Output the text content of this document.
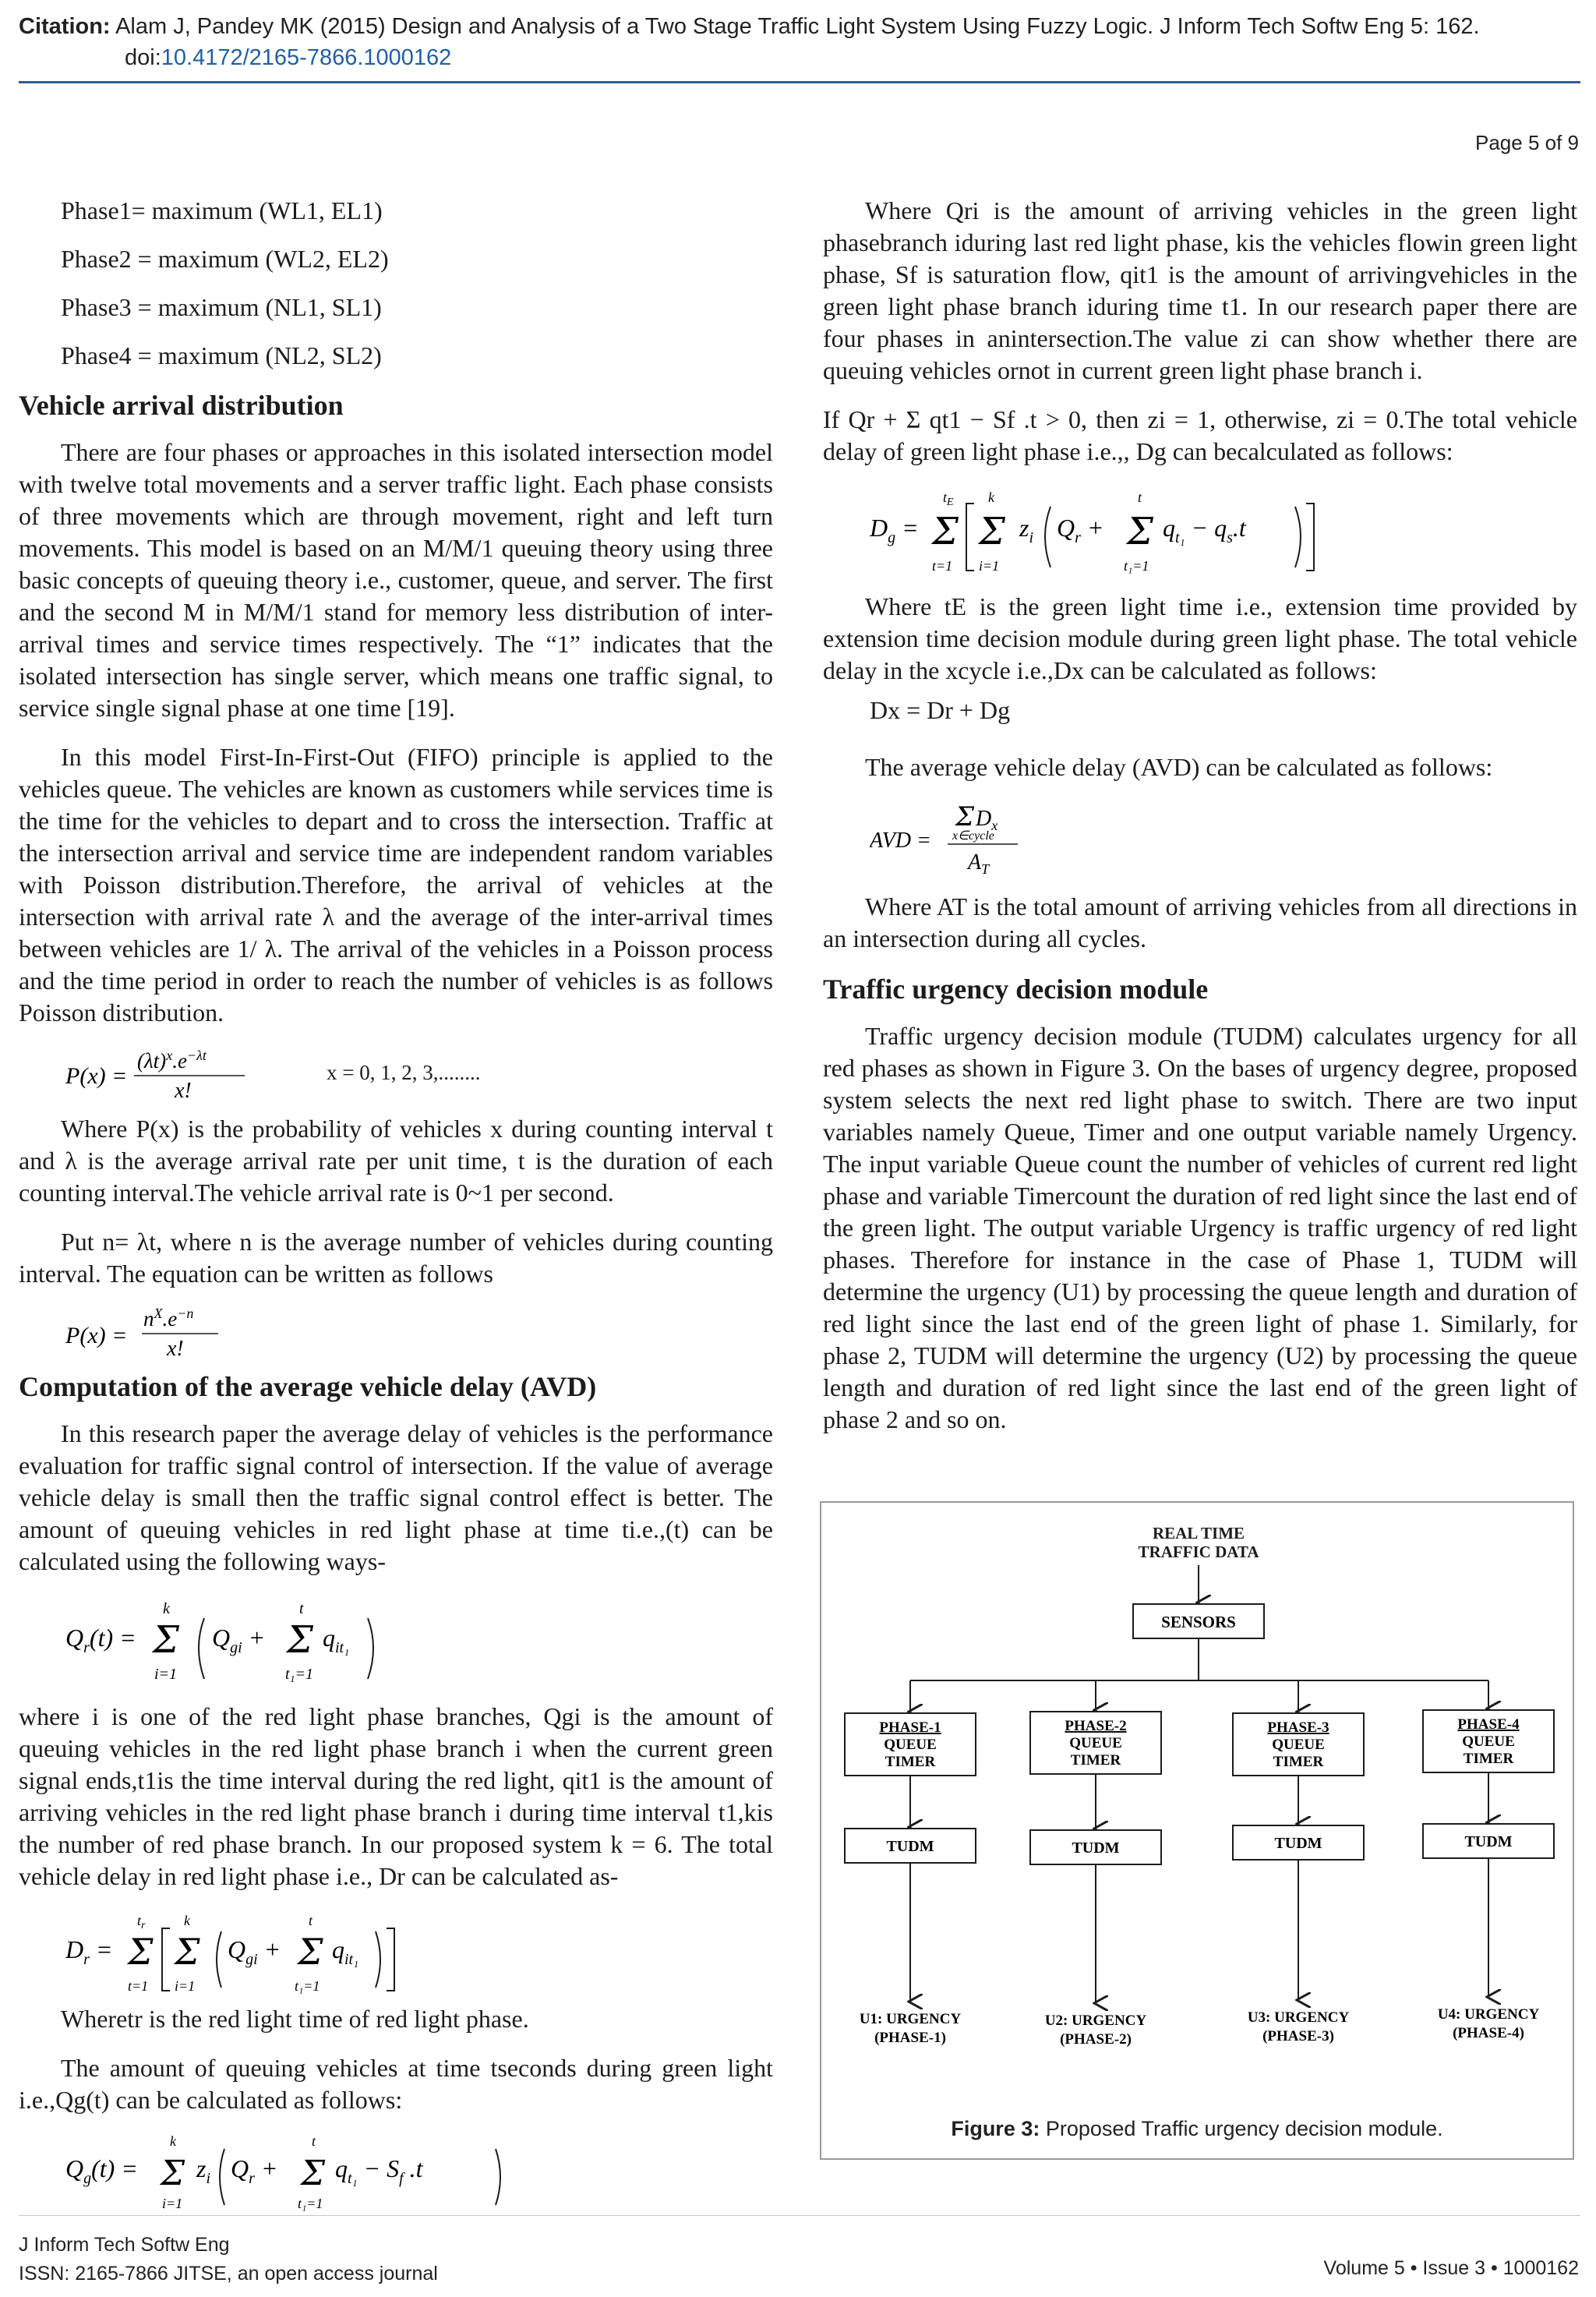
Citation: Alam J, Pandey MK (2015) Design and Analysis of a Two Stage Traffic Light System Using Fuzzy Logic. J Inform Tech Softw Eng 5: 162.
doi:10.4172/2165-7866.1000162
Page 5 of 9
Phase1= maximum (WL1, EL1)
Phase2 = maximum (WL2, EL2)
Phase3 = maximum (NL1, SL1)
Phase4 = maximum (NL2, SL2)
Vehicle arrival distribution

There are four phases or approaches in this isolated intersection model with twelve total movements and a server traffic light. Each phase consists of three movements which are through movement, right and left turn movements. This model is based on an M/M/1 queuing theory using three basic concepts of queuing theory i.e., customer, queue, and server. The first and the second M in M/M/1 stand for memory less distribution of inter-arrival times and service times respectively. The “1” indicates that the isolated intersection has single server, which means one traffic signal, to service single signal phase at one time [19].

In this model First-In-First-Out (FIFO) principle is applied to the vehicles queue. The vehicles are known as customers while services time is the time for the vehicles to depart and to cross the intersection. Traffic at the intersection arrival and service time are independent random variables with Poisson distribution.Therefore, the arrival of vehicles at the intersection with arrival rate λ and the average of the inter-arrival times between vehicles are 1/ λ. The arrival of the vehicles in a Poisson process and the time period in order to reach the number of vehicles is as follows Poisson distribution.

P(x) =
$(\lambda t)^x.e^{-\lambda t}$
x!
x = 0, 1, 2, 3,........

Where P(x) is the probability of vehicles x during counting interval t and λ is the average arrival rate per unit time, t is the duration of each counting interval.The vehicle arrival rate is 0~1 per second.

Put n= λt, where n is the average number of vehicles during counting interval. The equation can be written as follows

P(x) =
$n^X.e^{-n}$
x!
Computation of the average vehicle delay (AVD)

In this research paper the average delay of vehicles is the performance evaluation for traffic signal control of intersection. If the value of average vehicle delay is small then the traffic signal control effect is better. The amount of queuing vehicles in red light phase at time ti.e.,(t) can be calculated using the following ways-

$Q_r(t)$ =
k
Σ
i=1
$Q_{gi}$ +
t
Σ
t₁=1
$q_{it_1}$

where i is one of the red light phase branches, Qgi is the amount of queuing vehicles in the red light phase branch i when the current green signal ends,t1is the time interval during the red light, qit1 is the amount of arriving vehicles in the red light phase branch i during time interval t1,kis the number of red phase branch. In our proposed system k = 6. The total vehicle delay in red light phase i.e., Dr can be calculated as-

$D_r$ =
$t_r$
Σ
t=1
k
Σ
i=1
$Q_{gi}$ +
t
Σ
t₁=1
$q_{it_1}$

Wheretr is the red light time of red light phase.

The amount of queuing vehicles at time tseconds during green light i.e.,Qg(t) can be calculated as follows:

$Q_g(t)$ =
k
Σ
i=1
$z_i$ $Q_r$ +
t
Σ
t₁=1
$q_{t_1} - S_f$ .t

Where Qri is the amount of arriving vehicles in the green light phasebranch iduring last red light phase, kis the vehicles flowin green light phase, Sf is saturation flow, qit1 is the amount of arrivingvehicles in the green light phase branch iduring time t1. In our research paper there are four phases in anintersection.The value zi can show whether there are queuing vehicles ornot in current green light phase branch i.

If Qr + Σ qt1 − Sf .t > 0, then zi = 1, otherwise, zi = 0.The total vehicle delay of green light phase i.e.,, Dg can becalculated as follows:

$D_g$ =
$t_E$
Σ
t=1
k
Σ
i=1
$z_i$ $Q_r$ +
t
Σ
t₁=1
$q_{t_1} - q_s.t$

Where tE is the green light time i.e., extension time provided by extension time decision module during green light phase. The total vehicle delay in the xcycle i.e.,Dx can be calculated as follows:

Dx = Dr + Dg

The average vehicle delay (AVD) can be calculated as follows:

AVD =
Σ $D_x$
x∈cycle
$A_T$

Where AT is the total amount of arriving vehicles from all directions in an intersection during all cycles.

Traffic urgency decision module

Traffic urgency decision module (TUDM) calculates urgency for all red phases as shown in Figure 3. On the bases of urgency degree, proposed system selects the next red light phase to switch. There are two input variables namely Queue, Timer and one output variable namely Urgency. The input variable Queue count the number of vehicles of current red light phase and variable Timercount the duration of red light since the last end of the green light. The output variable Urgency is traffic urgency of red light phases. Therefore for instance in the case of Phase 1, TUDM will determine the urgency (U1) by processing the queue length and duration of red light since the last end of the green light of phase 1. Similarly, for phase 2, TUDM will determine the urgency (U2) by processing the queue length and duration of red light since the last end of the green light of phase 2 and so on.

REAL TIME
TRAFFIC DATA
SENSORS
PHASE-1
QUEUE
TIMER
TUDM
U1: URGENCY
(PHASE-1)
PHASE-2
QUEUE
TIMER
TUDM
U2: URGENCY
(PHASE-2)
PHASE-3
QUEUE
TIMER
TUDM
U3: URGENCY
(PHASE-3)
PHASE-4
QUEUE
TIMER
TUDM
U4: URGENCY
(PHASE-4)
Figure 3: Proposed Traffic urgency decision module.
J Inform Tech Softw Eng
ISSN: 2165-7866 JITSE, an open access journal	Volume 5 • Issue 3 • 1000162
